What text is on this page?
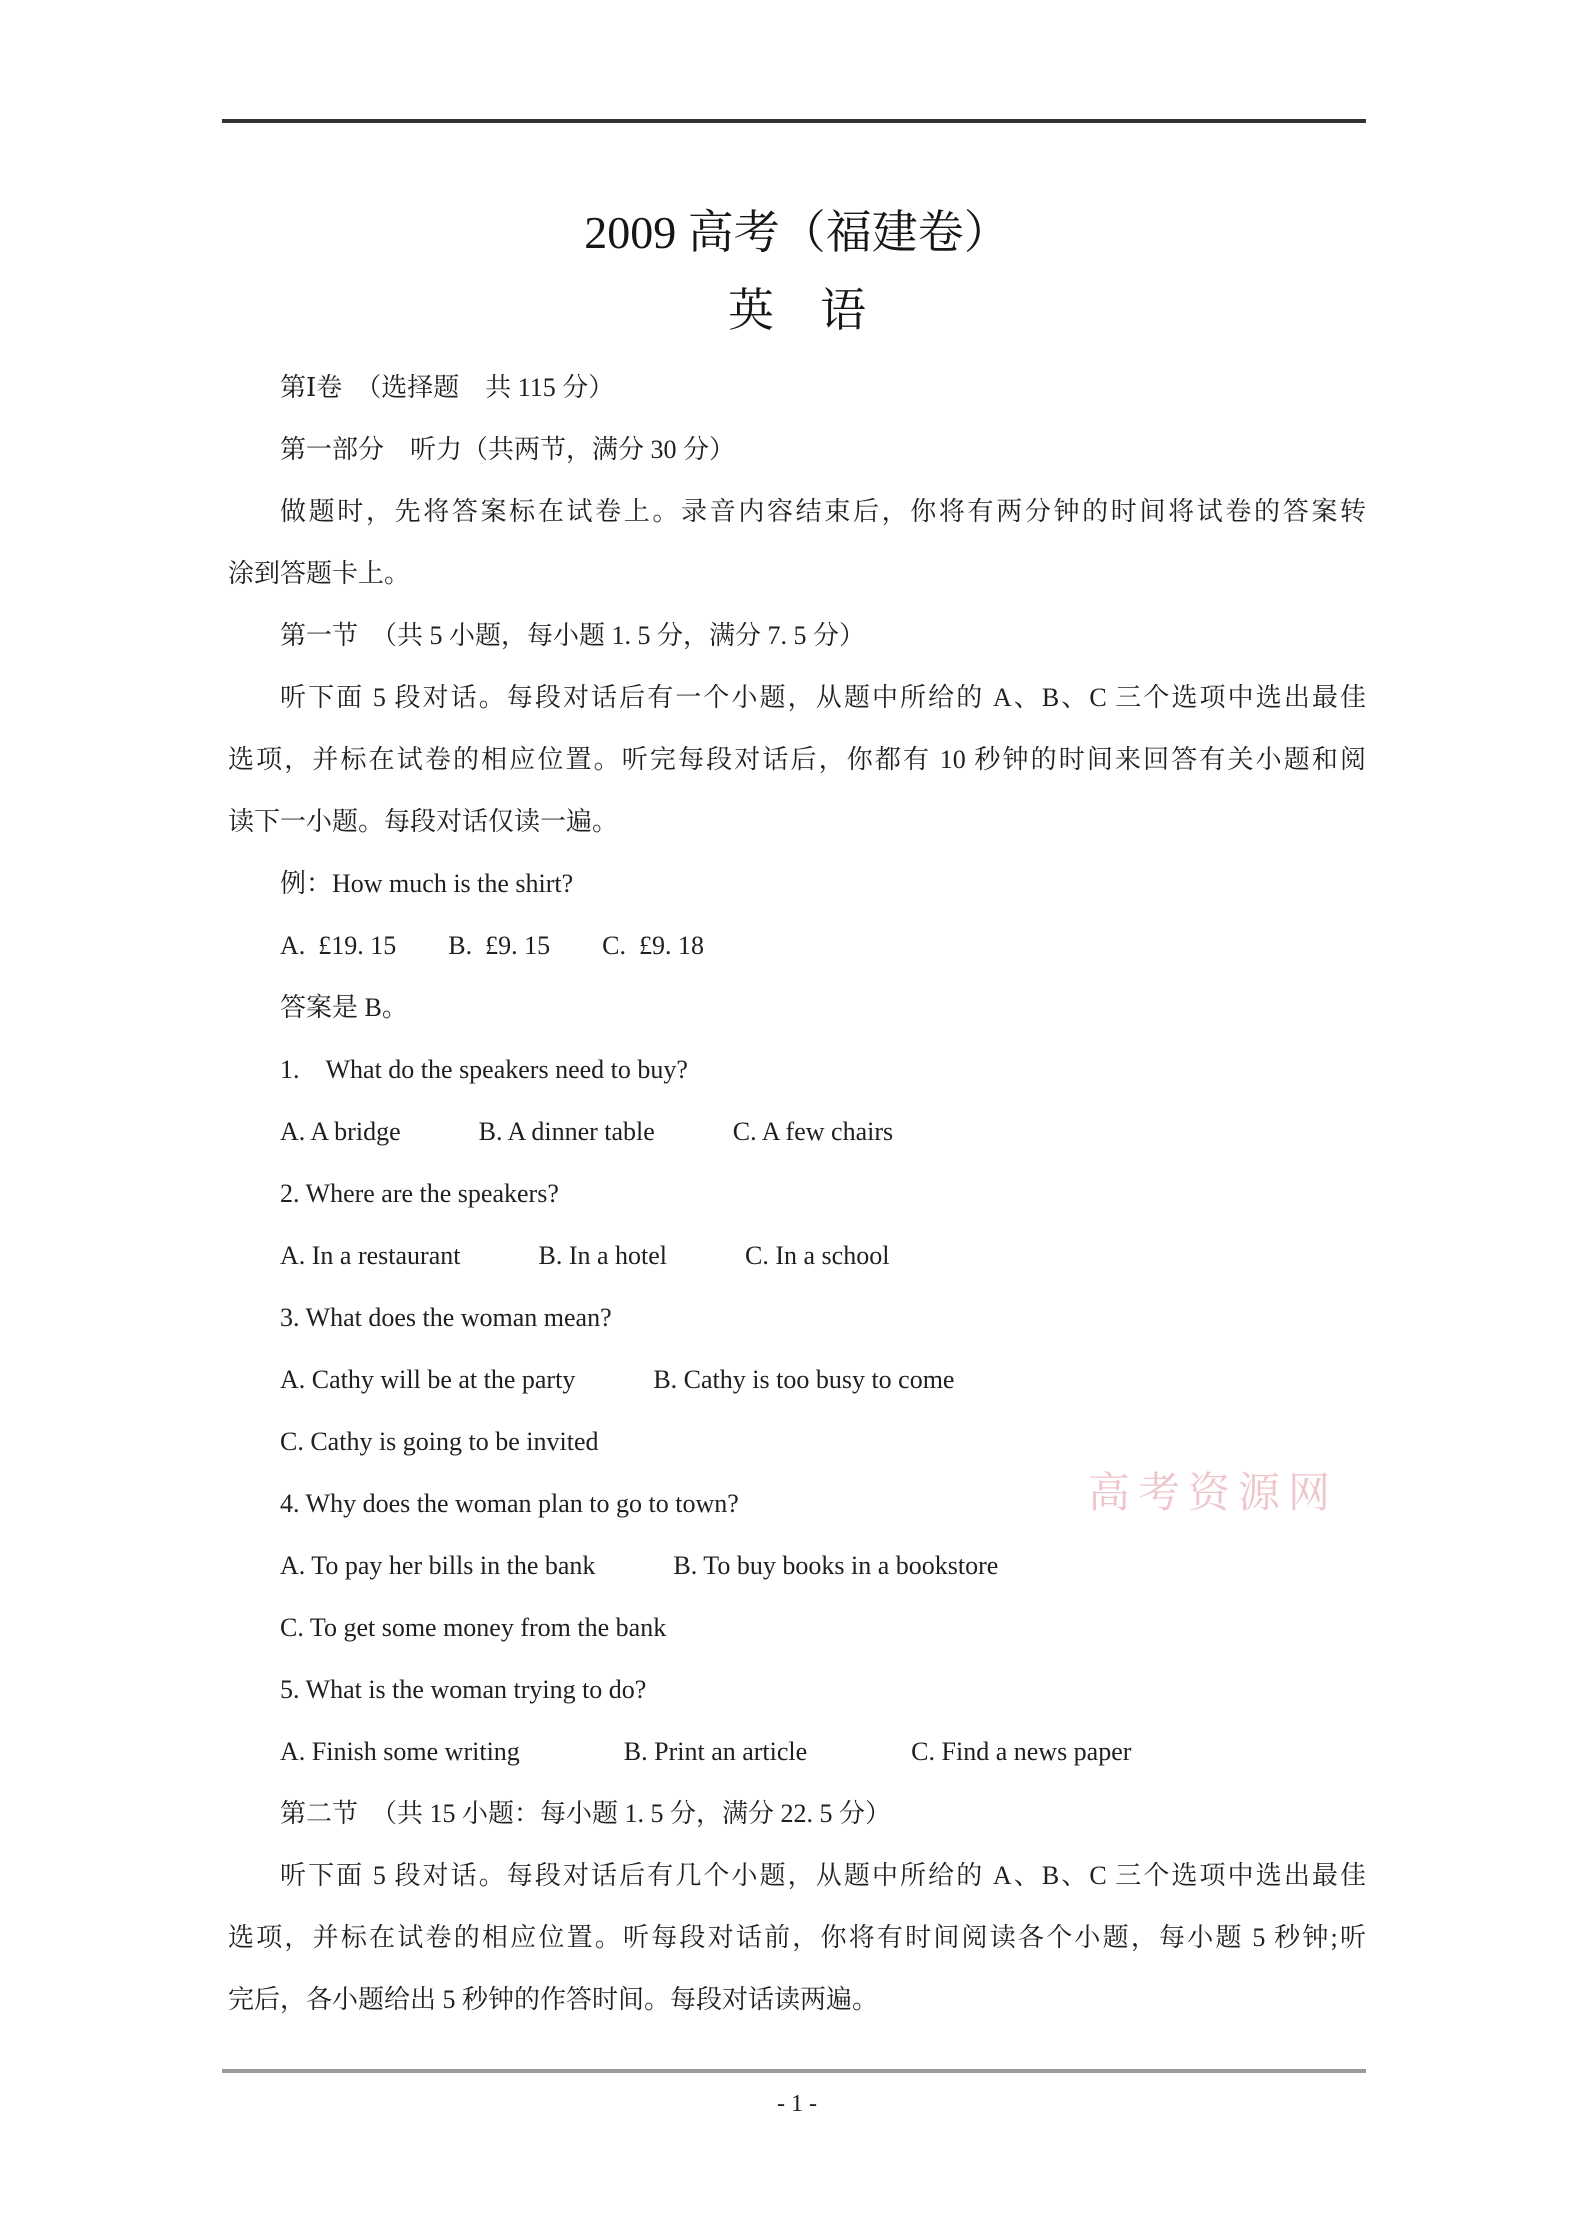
2009 高考（福建卷）
英　语
第Ⅰ卷　（选择题　共 115 分）
第一部分　听力（共两节，满分 30 分）
做题时，先将答案标在试卷上。录音内容结束后，你将有两分钟的时间将试卷的答案转
涂到答题卡上。
第一节　（共 5 小题，每小题 1. 5 分，满分 7. 5 分）
听下面 5 段对话。每段对话后有一个小题，从题中所给的 A、B、C 三个选项中选出最佳
选项，并标在试卷的相应位置。听完每段对话后，你都有 10 秒钟的时间来回答有关小题和阅
读下一小题。每段对话仅读一遍。
例：How much is the shirt?
A.  £19. 15　　B.  £9. 15　　C.  £9. 18
答案是 B。
1.　What do the speakers need to buy?
A. A bridge　　　B. A dinner table　　　C. A few chairs
2. Where are the speakers?
A. In a restaurant　　　B. In a hotel　　　C. In a school
3. What does the woman mean?
A. Cathy will be at the party　　　B. Cathy is too busy to come
C. Cathy is going to be invited
4. Why does the woman plan to go to town?
A. To pay her bills in the bank　　　B. To buy books in a bookstore
C. To get some money from the bank
5. What is the woman trying to do?
A. Finish some writing　　　　B. Print an article　　　　C. Find a news paper
第二节　（共 15 小题：每小题 1. 5 分，满分 22. 5 分）
听下面 5 段对话。每段对话后有几个小题，从题中所给的 A、B、C 三个选项中选出最佳
选项，并标在试卷的相应位置。听每段对话前，你将有时间阅读各个小题，每小题 5 秒钟;听
完后，各小题给出 5 秒钟的作答时间。每段对话读两遍。
高考资源网
- 1 -
